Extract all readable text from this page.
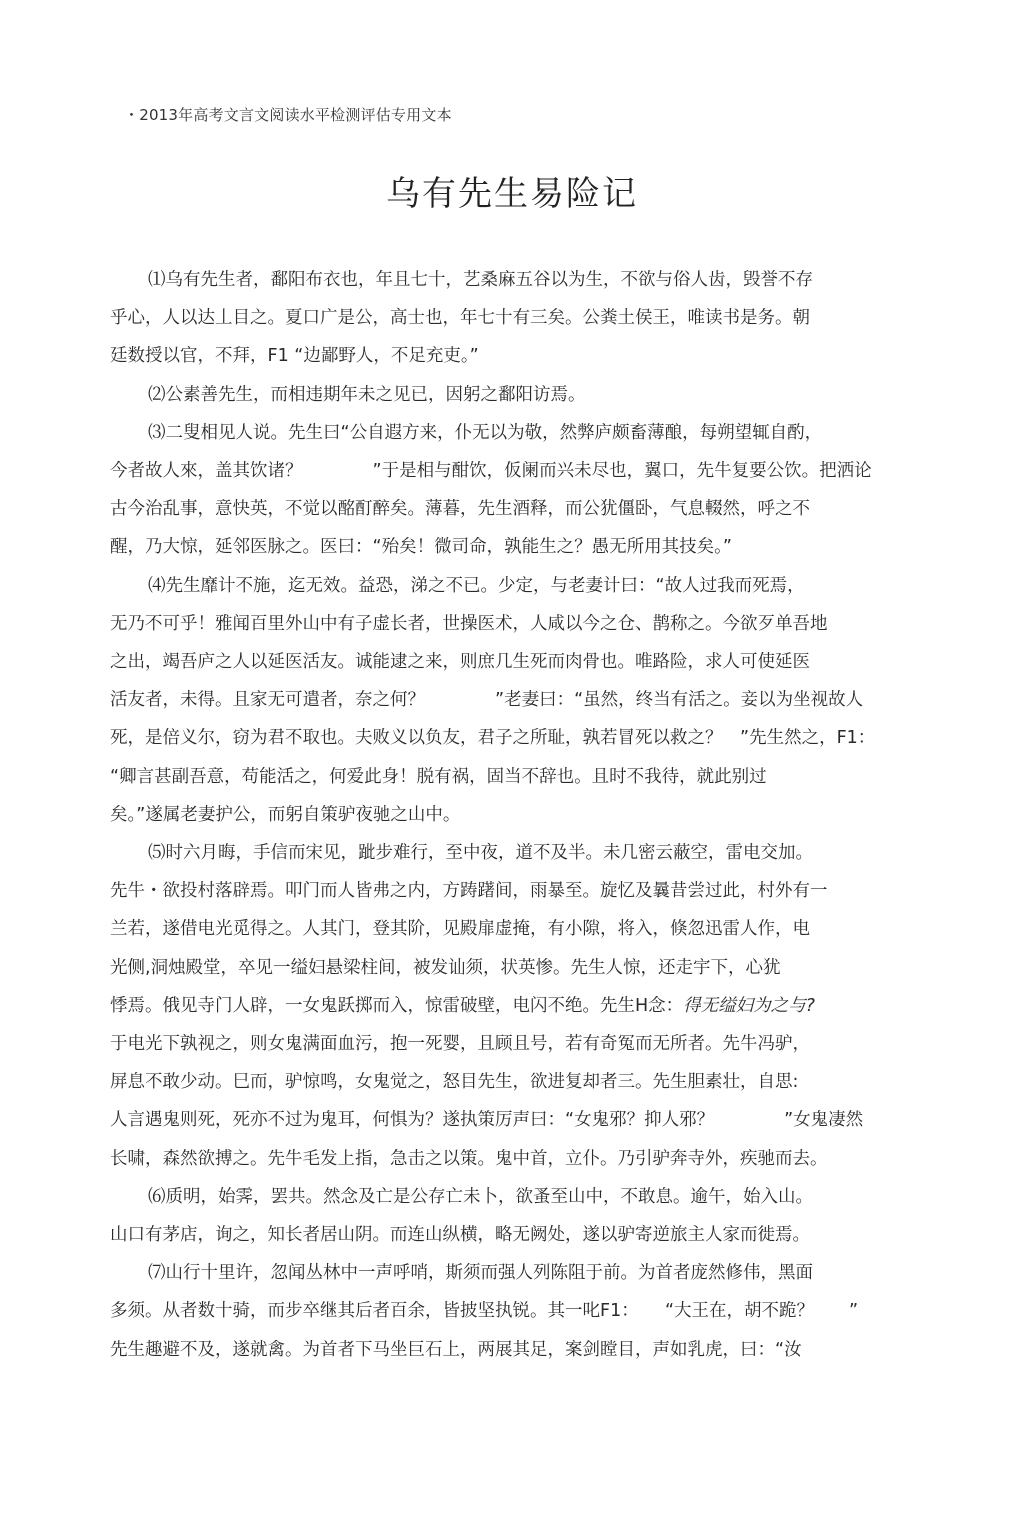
・2013年高考文言文阅读水平检测评估专用文本
乌有先生易险记
⑴乌有先生者，鄱阳布衣也，年且七十，艺桑麻五谷以为生，不欲与俗人齿，毁誉不存
乎心，人以达丄目之。夏口广是公，高士也，年七十有三矣。公粪土侯王，唯读书是务。朝
廷数授以官，不拜，F1 “边鄙野人，不足充吏。”
⑵公素善先生，而相违期年未之见已，因躬之鄱阳访焉。
⑶二叟相见人说。先生曰“公自遐方来，仆无以为敬，然弊庐颇畜薄酿，每朔望辄自酌，
今者故人來，盖其饮诸？　　　　”于是相与酣饮，仮阑而兴未尽也，翼口，先牛复要公饮。把洒论
古今治乱事，意快英，不觉以酩酊醉矣。薄暮，先生酒释，而公犹僵卧，气息輟然，呼之不
醒，乃大惊，延邻医脉之。医曰：“殆矣！微司命，孰能生之？愚无所用其技矣。”
⑷先生靡计不施，迄无效。益恐，涕之不已。少定，与老妻计曰：“故人过我而死焉，
无乃不可乎！雅闻百里外山中有子虚长者，世操医术，人咸以今之仓、鹊称之。今欲歹单吾地
之出，竭吾庐之人以延医活友。诚能逮之来，则庶几生死而肉骨也。唯路险，求人可使延医
活友者，未得。且家无可遣者，奈之何？　　　　”老妻曰：“虽然，终当有活之。妾以为坐视故人
死，是倍义尔，窃为君不取也。夫败义以负友，君子之所耻，孰若冒死以救之？　”先生然之，F1：
“卿言甚副吾意，苟能活之，何爱此身！脱有祸，固当不辞也。且时不我待，就此别过
矣。”遂属老妻护公，而躬自策驴夜驰之山中。
⑸时六月晦，手信而宋见，跐步难行，至中夜，道不及半。未几密云蔽空，雷电交加。
先牛・欲投村落辟焉。叩门而人皆弗之内，方踌躇间，雨暴至。旋忆及曩昔尝过此，村外有一
兰若，遂借电光觅得之。人其门，登其阶，见殿扉虚掩，有小隙，将入，倏忽迅雷人作，电
光侧,洞烛殿堂，卒见一缢妇悬梁柱间，被发讪须，状英惨。先生人惊，还走宇下，心犹
悸焉。俄见寺门人辟，一女鬼跃掷而入，惊雷破壁，电闪不绝。先生H念：得无缢妇为之与?
于电光下孰视之，则女鬼满面血污，抱一死婴，且顾且号，若有奇冤而无所者。先牛冯驴，
屏息不敢少动。巳而，驴惊鸣，女鬼觉之，怒目先生，欲进复却者三。先生胆素壮，自思:
人言遇鬼则死，死亦不过为鬼耳，何惧为？遂执策厉声曰：“女鬼邪？抑人邪？　　　　”女鬼凄然
长啸，森然欲搏之。先牛毛发上指，急击之以策。鬼中首，立仆。乃引驴奔寺外，疾驰而去。
⑹质明，始霁，罢共。然念及亡是公存亡未卜，欲蚤至山中，不敢息。逾午，始入山。
山口有茅店，询之，知长者居山阴。而连山纵横，略无阙处，遂以驴寄逆旅主人家而徙焉。
⑺山行十里许，忽闻丛林中一声呼哨，斯须而强人列陈阻于前。为首者庞然修伟，黑面
多须。从者数十骑，而步卒继其后者百余，皆披坚执锐。其一叱F1：　　“大王在，胡不跪？　　”
先生趣避不及，遂就禽。为首者下马坐巨石上，两展其足，案剑瞠目，声如乳虎，曰：“汝
